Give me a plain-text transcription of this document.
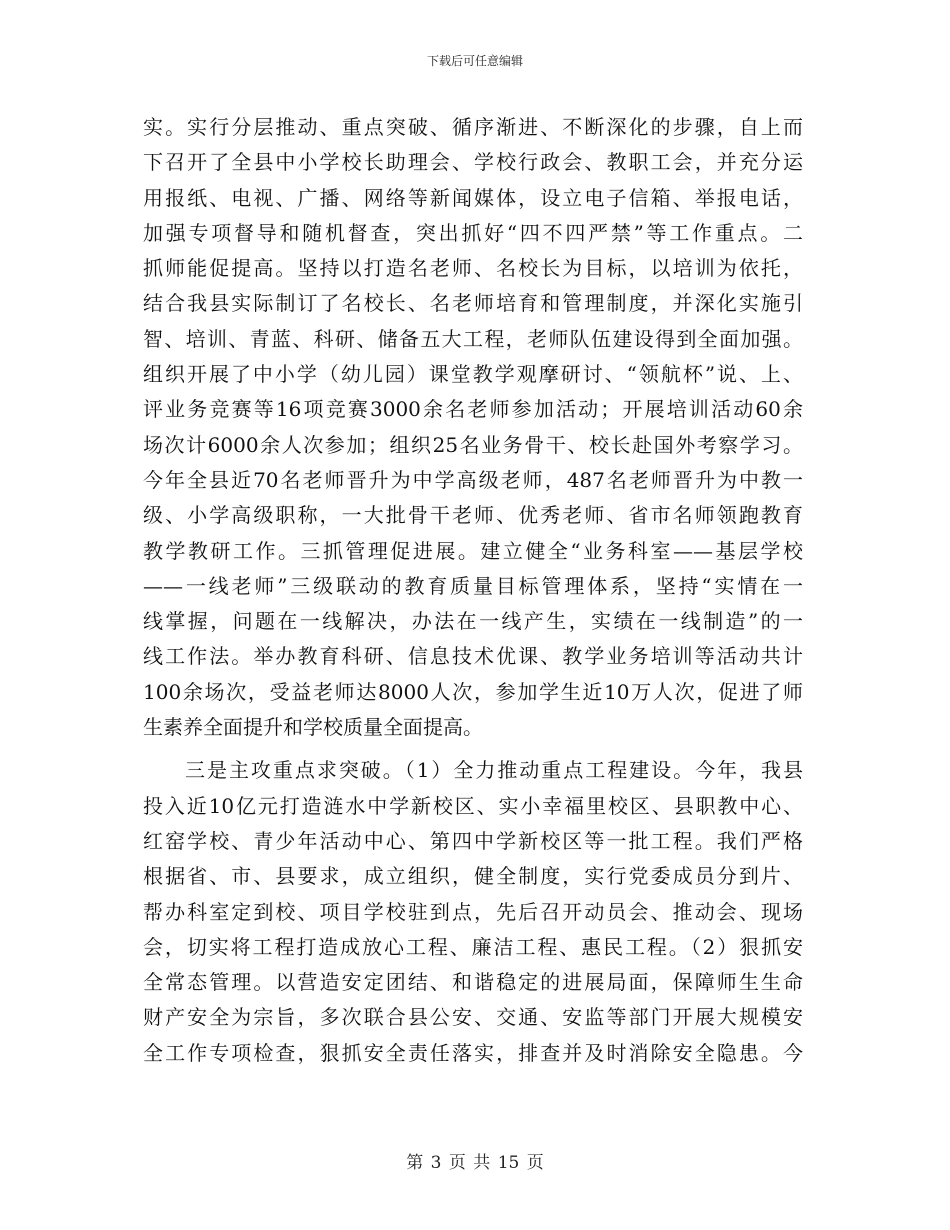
下载后可任意编辑
实。实行分层推动、重点突破、循序渐进、不断深化的步骤，自上而
下召开了全县中小学校长助理会、学校行政会、教职工会，并充分运
用报纸、电视、广播、网络等新闻媒体，设立电子信箱、举报电话，
加强专项督导和随机督查，突出抓好“四不四严禁”等工作重点。二
抓师能促提高。坚持以打造名老师、名校长为目标，以培训为依托，
结合我县实际制订了名校长、名老师培育和管理制度，并深化实施引
智、培训、青蓝、科研、储备五大工程，老师队伍建设得到全面加强。
组织开展了中小学（幼儿园）课堂教学观摩研讨、“领航杯”说、上、
评业务竞赛等16项竞赛3000余名老师参加活动；开展培训活动60余
场次计6000余人次参加；组织25名业务骨干、校长赴国外考察学习。
今年全县近70名老师晋升为中学高级老师，487名老师晋升为中教一
级、小学高级职称，一大批骨干老师、优秀老师、省市名师领跑教育
教学教研工作。三抓管理促进展。建立健全“业务科室——基层学校
——一线老师”三级联动的教育质量目标管理体系，坚持“实情在一
线掌握，问题在一线解决，办法在一线产生，实绩在一线制造”的一
线工作法。举办教育科研、信息技术优课、教学业务培训等活动共计
100余场次，受益老师达8000人次，参加学生近10万人次，促进了师
生素养全面提升和学校质量全面提高。
三是主攻重点求突破。（1）全力推动重点工程建设。今年，我县
投入近10亿元打造涟水中学新校区、实小幸福里校区、县职教中心、
红窑学校、青少年活动中心、第四中学新校区等一批工程。我们严格
根据省、市、县要求，成立组织，健全制度，实行党委成员分到片、
帮办科室定到校、项目学校驻到点，先后召开动员会、推动会、现场
会，切实将工程打造成放心工程、廉洁工程、惠民工程。（2）狠抓安
全常态管理。以营造安定团结、和谐稳定的进展局面，保障师生生命
财产安全为宗旨，多次联合县公安、交通、安监等部门开展大规模安
全工作专项检查，狠抓安全责任落实，排查并及时消除安全隐患。今
第 3 页 共 15 页
